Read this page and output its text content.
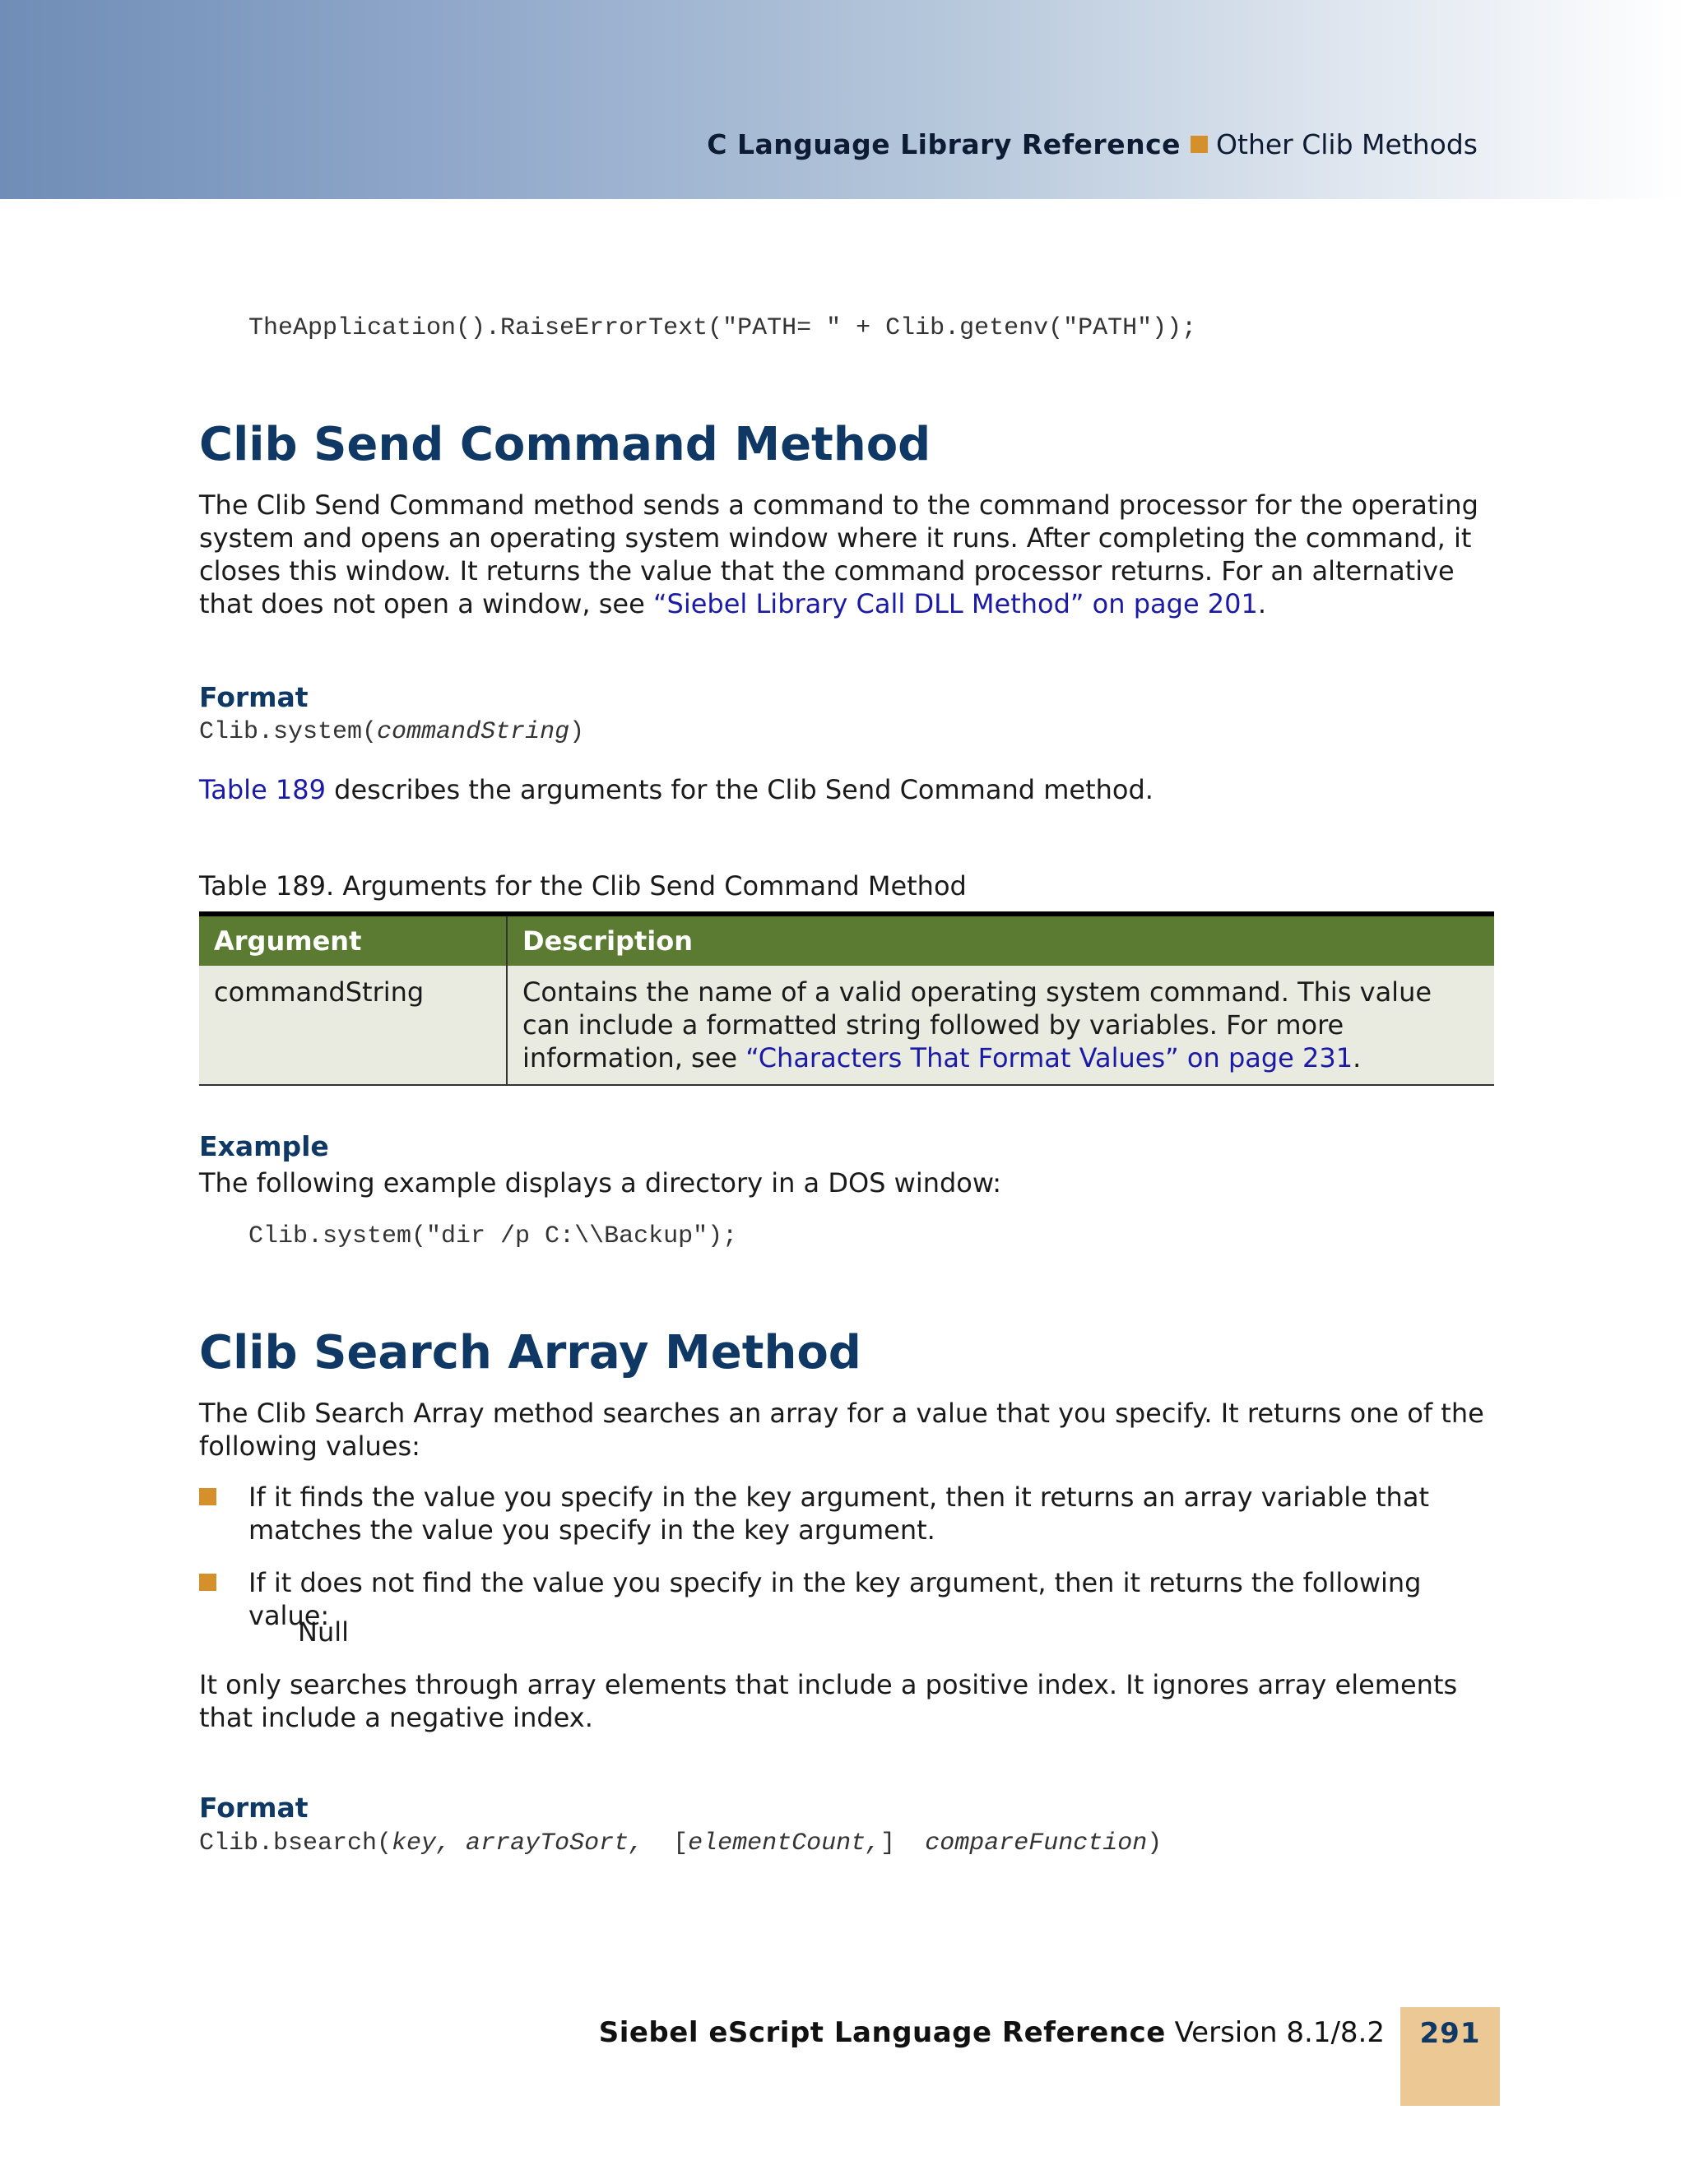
C Language Library Reference Other Clib Methods
TheApplication().RaiseErrorText("PATH= " + Clib.getenv("PATH"));
Clib Send Command Method
The Clib Send Command method sends a command to the command processor for the operating system and opens an operating system window where it runs. After completing the command, it closes this window. It returns the value that the command processor returns. For an alternative that does not open a window, see “Siebel Library Call DLL Method” on page 201.
Format
Clib.system(commandString)
Table 189 describes the arguments for the Clib Send Command method.
Table 189. Arguments for the Clib Send Command Method
Argument	Description
commandString	Contains the name of a valid operating system command. This value can include a formatted string followed by variables. For more information, see “Characters That Format Values” on page 231.
Example
The following example displays a directory in a DOS window:
Clib.system("dir /p C:\\Backup");
Clib Search Array Method
The Clib Search Array method searches an array for a value that you specify. It returns one of the following values:
If it finds the value you specify in the key argument, then it returns an array variable that matches the value you specify in the key argument.
If it does not find the value you specify in the key argument, then it returns the following value:
Null
It only searches through array elements that include a positive index. It ignores array elements that include a negative index.
Format
Clib.bsearch(key, arrayToSort,  [elementCount,]  compareFunction)
Siebel eScript Language Reference Version 8.1/8.2	291
